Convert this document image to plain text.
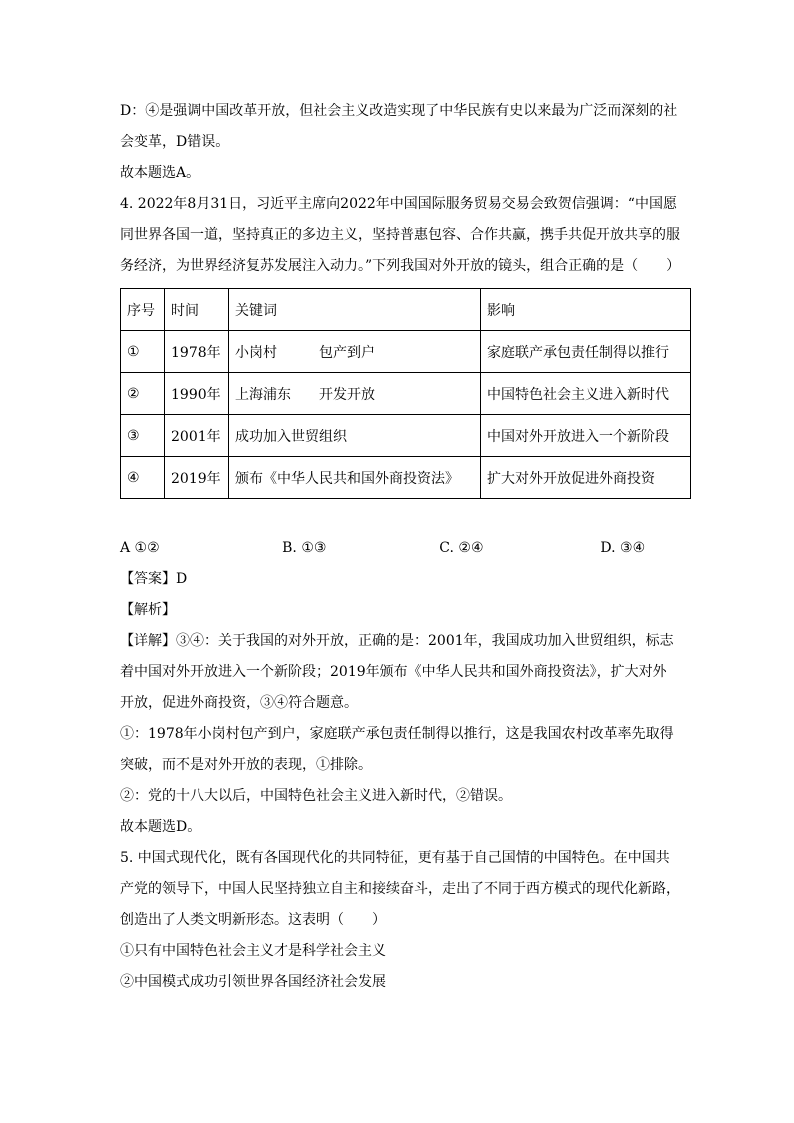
D：④是强调中国改革开放，但社会主义改造实现了中华民族有史以来最为广泛而深刻的社会变革，D错误。

故本题选A。

4. 2022年8月31日，习近平主席向2022年中国国际服务贸易交易会致贺信强调：“中国愿同世界各国一道，坚持真正的多边主义，坚持普惠包容、合作共赢，携手共促开放共享的服务经济，为世界经济复苏发展注入动力。”下列我国对外开放的镜头，组合正确的是（　　）

序号	时间	关键词	影响
①	1978年	小岗村　　　包产到户	家庭联产承包责任制得以推行
②	1990年	上海浦东　　开发开放	中国特色社会主义进入新时代
③	2001年	成功加入世贸组织	中国对外开放进入一个新阶段
④	2019年	颁布《中华人民共和国外商投资法》	扩大对外开放促进外商投资
A ①②	B. ①③	C. ②④	D. ③④

【答案】D

【解析】

【详解】③④：关于我国的对外开放，正确的是：2001年，我国成功加入世贸组织，标志着中国对外开放进入一个新阶段；2019年颁布《中华人民共和国外商投资法》，扩大对外开放，促进外商投资，③④符合题意。

①：1978年小岗村包产到户，家庭联产承包责任制得以推行，这是我国农村改革率先取得突破，而不是对外开放的表现，①排除。

②：党的十八大以后，中国特色社会主义进入新时代，②错误。

故本题选D。

5. 中国式现代化，既有各国现代化的共同特征，更有基于自己国情的中国特色。在中国共产党的领导下，中国人民坚持独立自主和接续奋斗，走出了不同于西方模式的现代化新路，创造出了人类文明新形态。这表明（　　）

①只有中国特色社会主义才是科学社会主义

②中国模式成功引领世界各国经济社会发展
